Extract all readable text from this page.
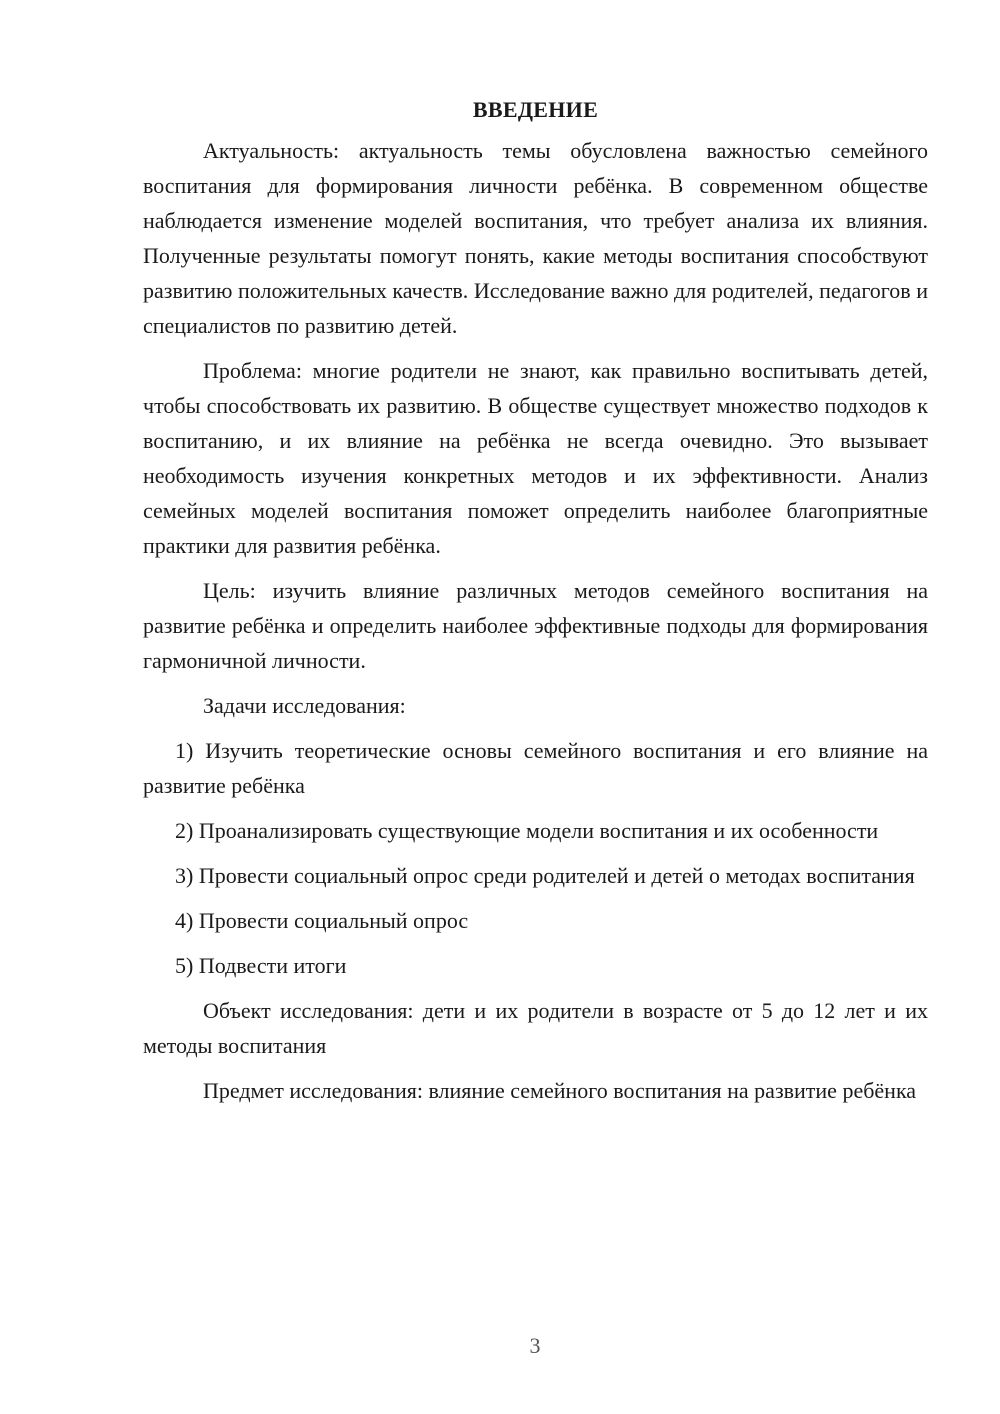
ВВЕДЕНИЕ

Актуальность: актуальность темы обусловлена важностью семейного воспитания для формирования личности ребёнка. В современном обществе наблюдается изменение моделей воспитания, что требует анализа их влияния. Полученные результаты помогут понять, какие методы воспитания способствуют развитию положительных качеств. Исследование важно для родителей, педагогов и специалистов по развитию детей.

Проблема: многие родители не знают, как правильно воспитывать детей, чтобы способствовать их развитию. В обществе существует множество подходов к воспитанию, и их влияние на ребёнка не всегда очевидно. Это вызывает необходимость изучения конкретных методов и их эффективности. Анализ семейных моделей воспитания поможет определить наиболее благоприятные практики для развития ребёнка.

Цель: изучить влияние различных методов семейного воспитания на развитие ребёнка и определить наиболее эффективные подходы для формирования гармоничной личности.

Задачи исследования:

1) Изучить теоретические основы семейного воспитания и его влияние на развитие ребёнка

2) Проанализировать существующие модели воспитания и их особенности

3) Провести социальный опрос среди родителей и детей о методах воспитания

4) Провести социальный опрос

5) Подвести итоги

Объект исследования: дети и их родители в возрасте от 5 до 12 лет и их методы воспитания

Предмет исследования: влияние семейного воспитания на развитие ребёнка

3
